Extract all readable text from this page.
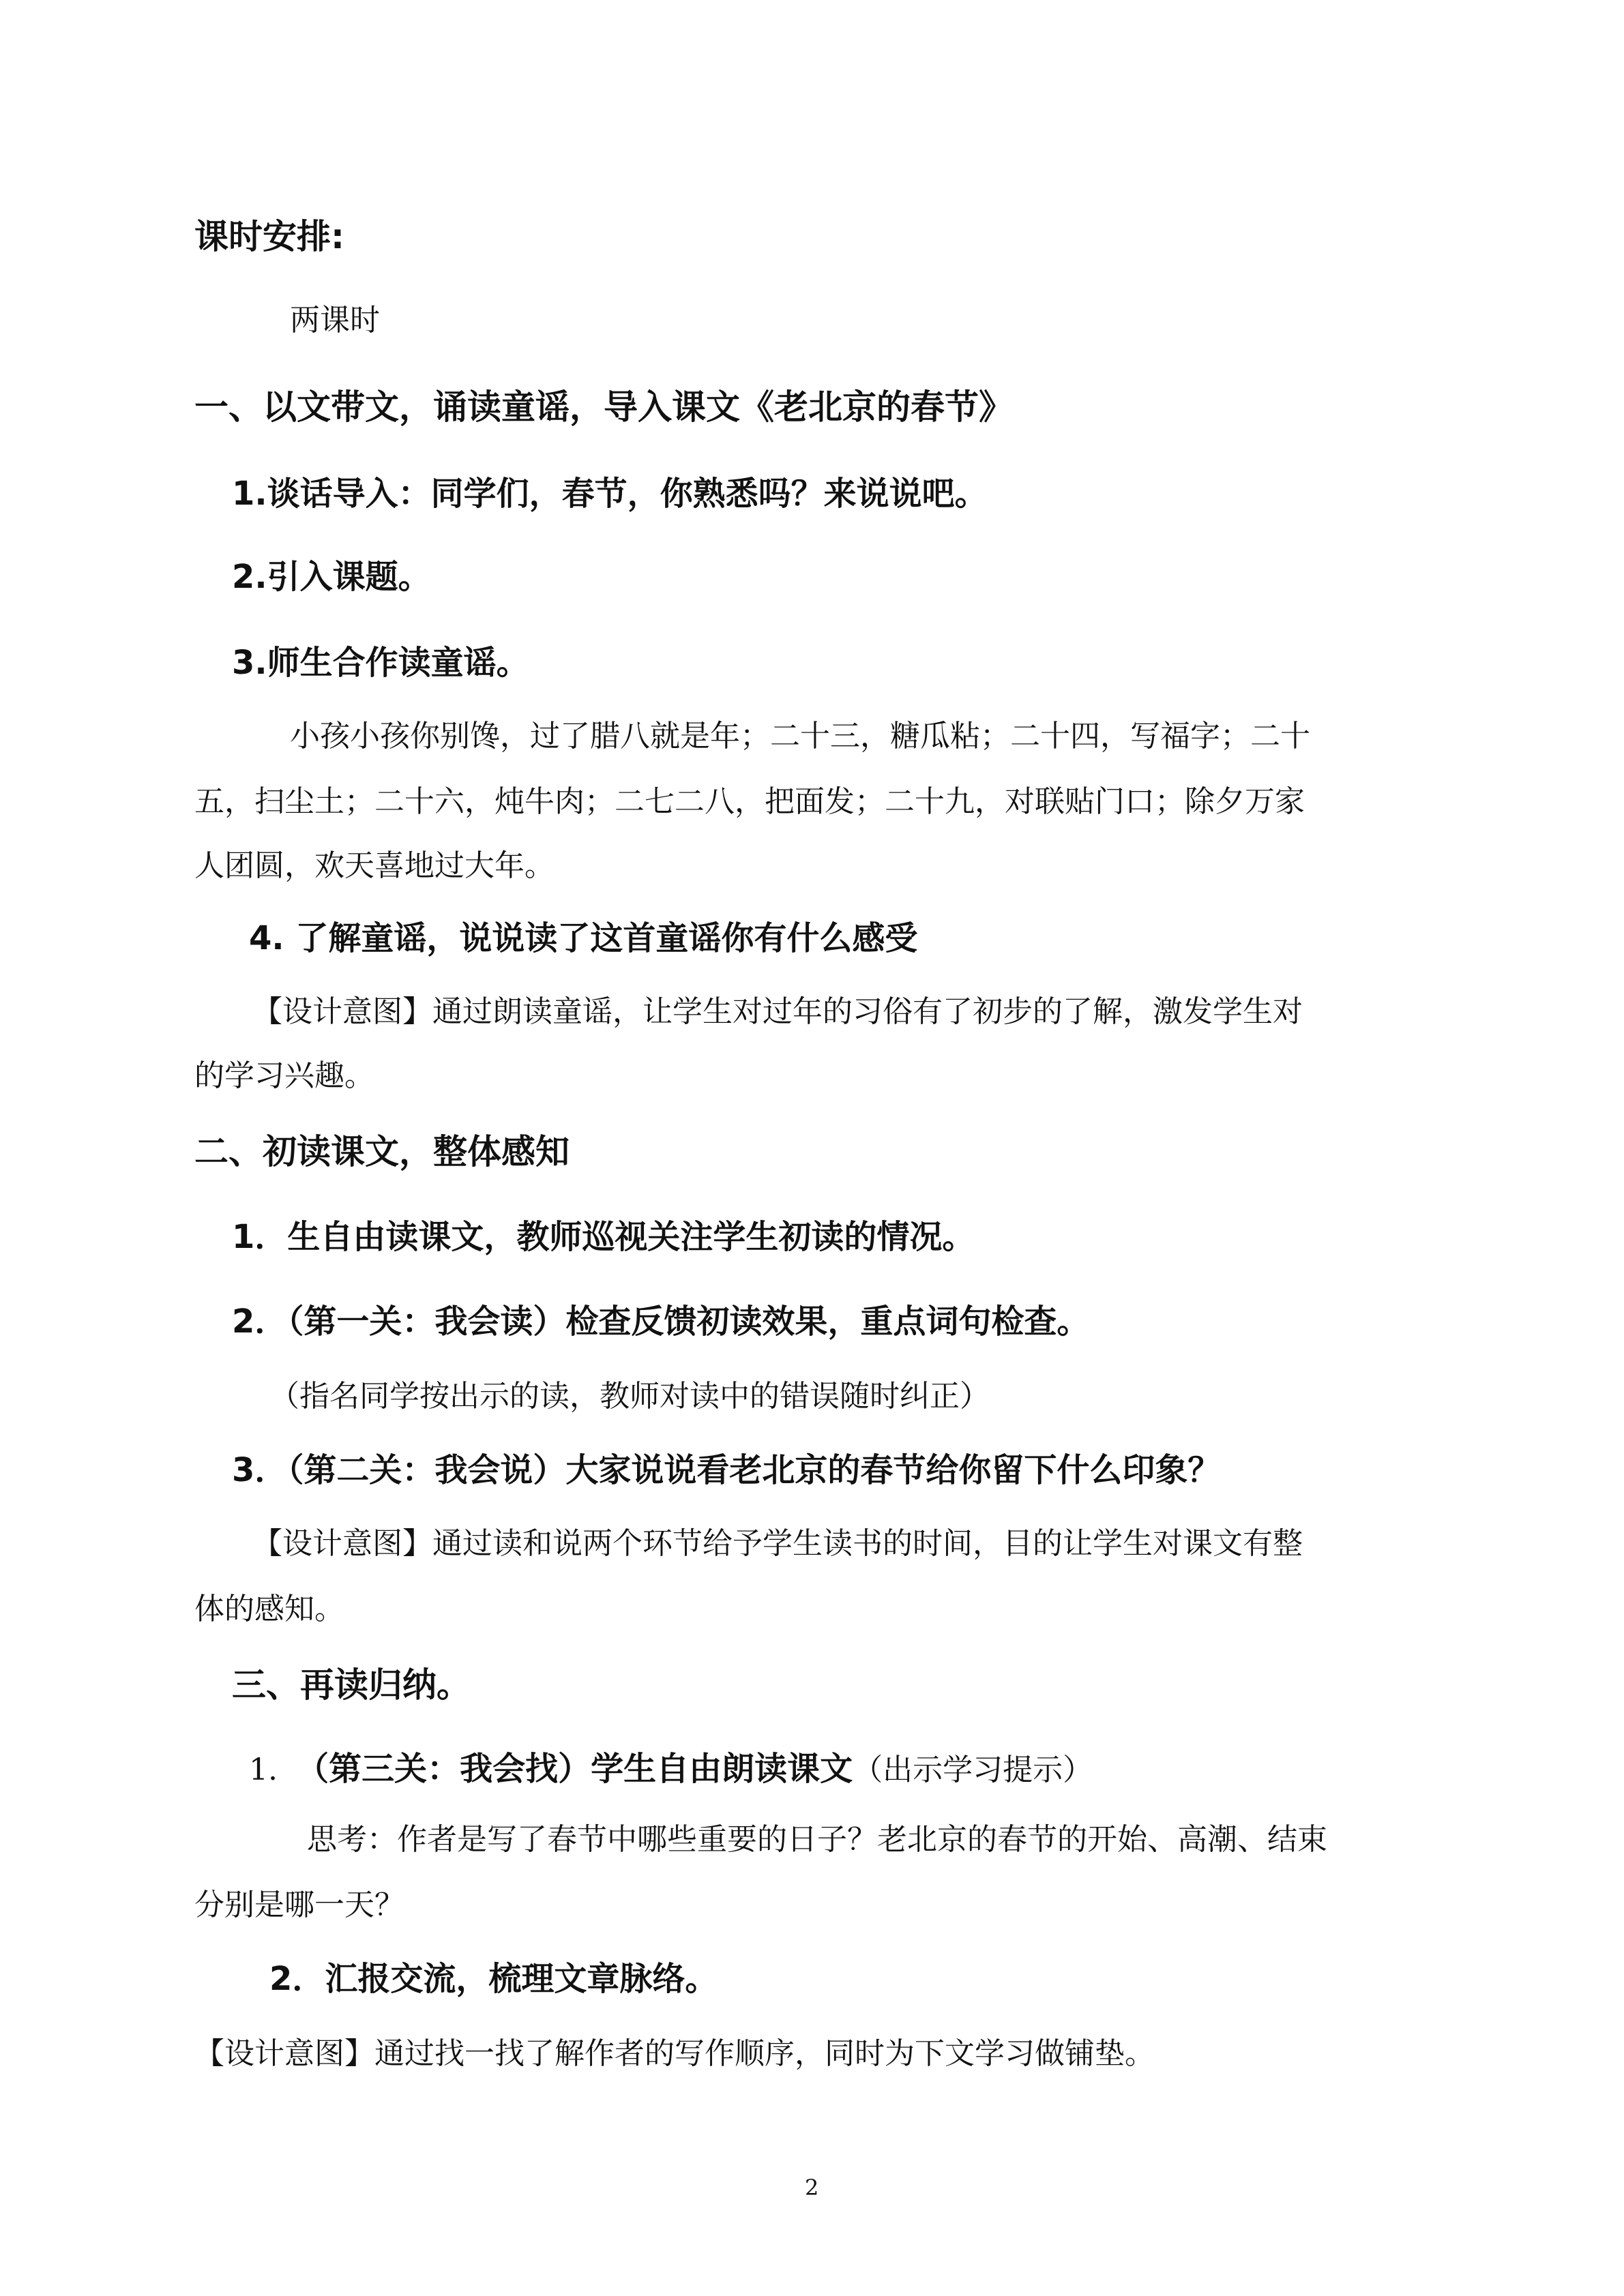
课时安排:
两课时
一、以文带文，诵读童谣，导入课文《老北京的春节》
1.谈话导入：同学们，春节，你熟悉吗？来说说吧。
2.引入课题。
3.师生合作读童谣。
小孩小孩你别馋，过了腊八就是年；二十三，糖瓜粘；二十四，写福字；二十
五，扫尘土；二十六，炖牛肉；二七二八，把面发；二十九，对联贴门口；除夕万家
人团圆，欢天喜地过大年。
4. 了解童谣，说说读了这首童谣你有什么感受
【设计意图】通过朗读童谣，让学生对过年的习俗有了初步的了解，激发学生对
的学习兴趣。
二、初读课文，整体感知
1．生自由读课文，教师巡视关注学生初读的情况。
2．（第一关：我会读）检查反馈初读效果，重点词句检查。
（指名同学按出示的读，教师对读中的错误随时纠正）
3．（第二关：我会说）大家说说看老北京的春节给你留下什么印象？
【设计意图】通过读和说两个环节给予学生读书的时间，目的让学生对课文有整
体的感知。
三、再读归纳。
1. （第三关：我会找）学生自由朗读课文（出示学习提示）
思考：作者是写了春节中哪些重要的日子？老北京的春节的开始、高潮、结束
分别是哪一天？
2．汇报交流，梳理文章脉络。
【设计意图】通过找一找了解作者的写作顺序，同时为下文学习做铺垫。
2
